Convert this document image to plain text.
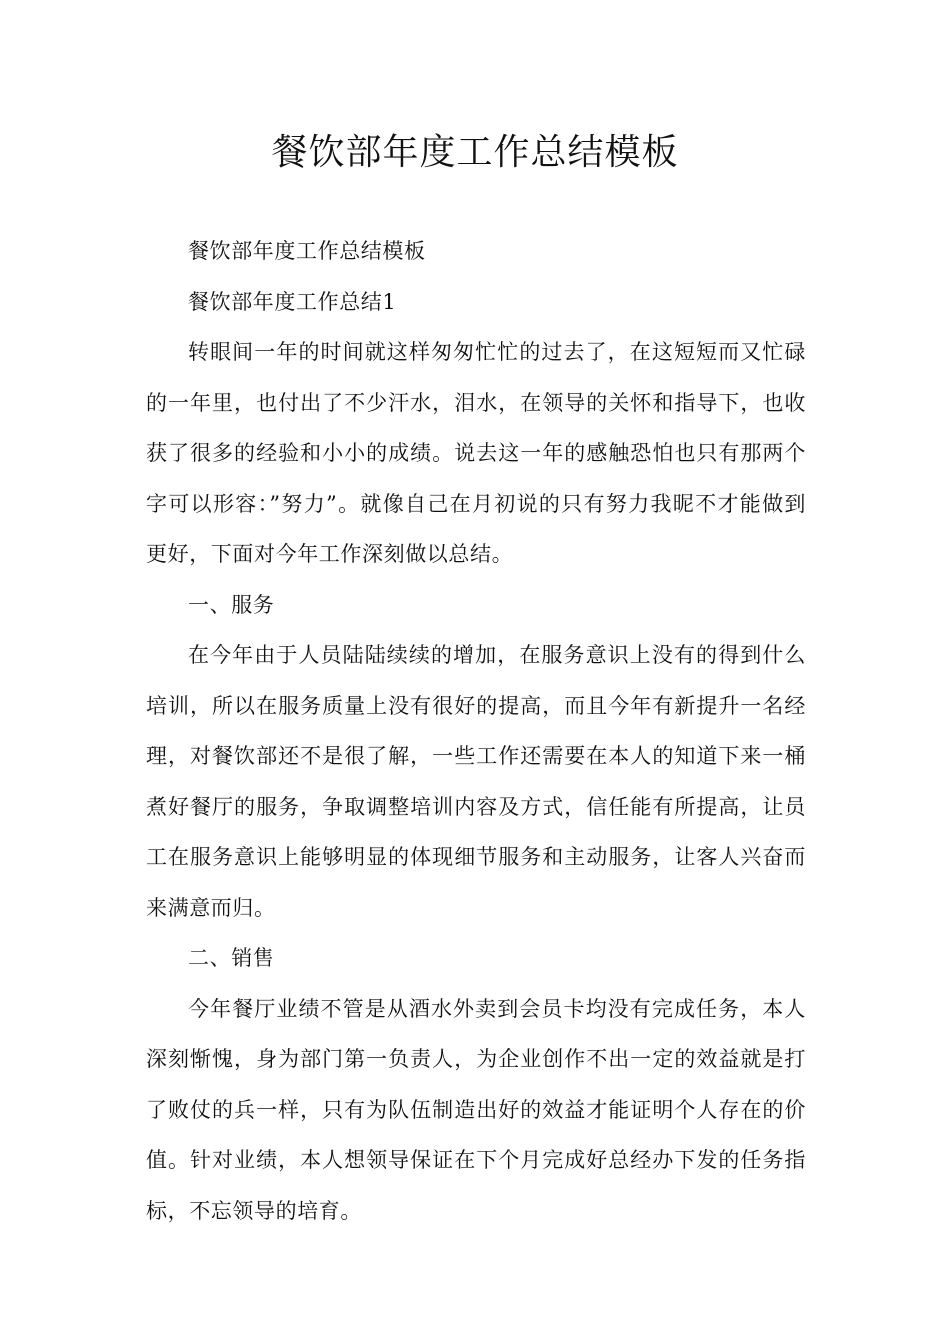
餐饮部年度工作总结模板

餐饮部年度工作总结模板

餐饮部年度工作总结1

转眼间一年的时间就这样匆匆忙忙的过去了，在这短短而又忙碌的一年里，也付出了不少汗水，泪水，在领导的关怀和指导下，也收获了很多的经验和小小的成绩。说去这一年的感触恐怕也只有那两个字可以形容：”努力”。就像自己在月初说的只有努力我昵不才能做到更好，下面对今年工作深刻做以总结。

一、服务

在今年由于人员陆陆续续的增加，在服务意识上没有的得到什么培训，所以在服务质量上没有很好的提高，而且今年有新提升一名经理，对餐饮部还不是很了解，一些工作还需要在本人的知道下来一桶煮好餐厅的服务，争取调整培训内容及方式，信任能有所提高，让员工在服务意识上能够明显的体现细节服务和主动服务，让客人兴奋而来满意而归。

二、销售

今年餐厅业绩不管是从酒水外卖到会员卡均没有完成任务，本人深刻惭愧，身为部门第一负责人，为企业创作不出一定的效益就是打了败仗的兵一样，只有为队伍制造出好的效益才能证明个人存在的价值。针对业绩，本人想领导保证在下个月完成好总经办下发的任务指标，不忘领导的培育。
